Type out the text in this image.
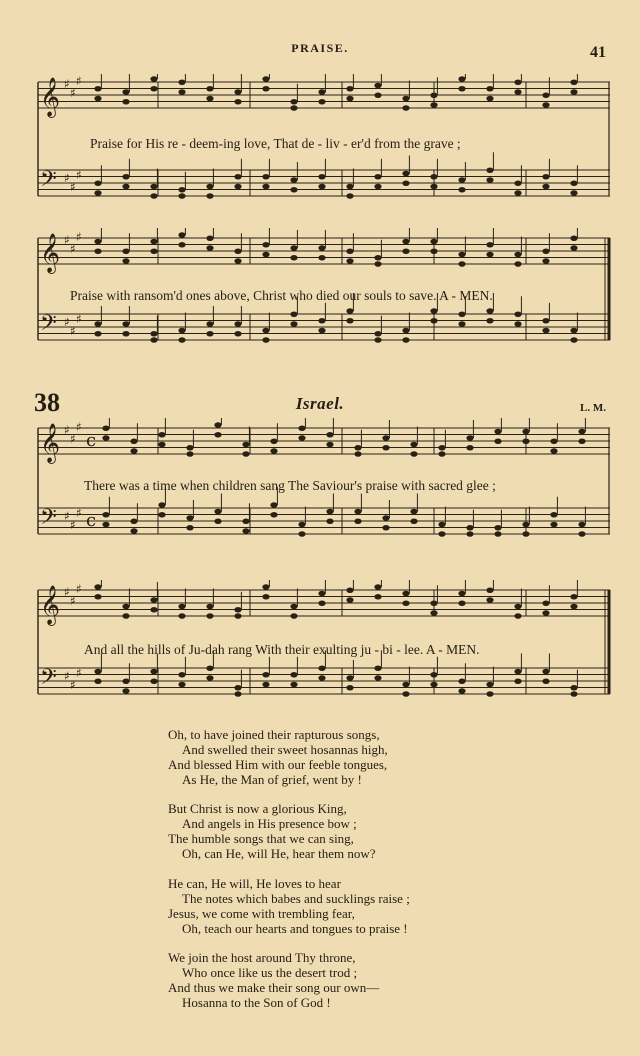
PRAISE.	41
𝄞 ♯
♯
♯
𝄢 ♯
♯
♯
Praise for His re - deem-ing love, That de - liv - er'd from the grave ;
𝄞 ♯
♯
♯
𝄢 ♯
♯
♯
Praise with ransom'd ones above, Christ who died our souls to save. A - MEN.
38	Israel.	L. M.
𝄞 ♯
♯
♯
c
𝄢 ♯
♯
♯ c
There was a time when children sang The Saviour's praise with sacred glee ;
𝄞 ♯
♯
♯
𝄢 ♯
♯
♯
And all the hills of Ju-dah rang With their exulting ju - bi - lee. A - MEN.
Oh, to have joined their rapturous songs,
And swelled their sweet hosannas high,
And blessed Him with our feeble tongues,
As He, the Man of grief, went by !
But Christ is now a glorious King,
And angels in His presence bow ;
The humble songs that we can sing,
Oh, can He, will He, hear them now?
He can, He will, He loves to hear
The notes which babes and sucklings raise ;
Jesus, we come with trembling fear,
Oh, teach our hearts and tongues to praise !
We join the host around Thy throne,
Who once like us the desert trod ;
And thus we make their song our own—
Hosanna to the Son of God !
